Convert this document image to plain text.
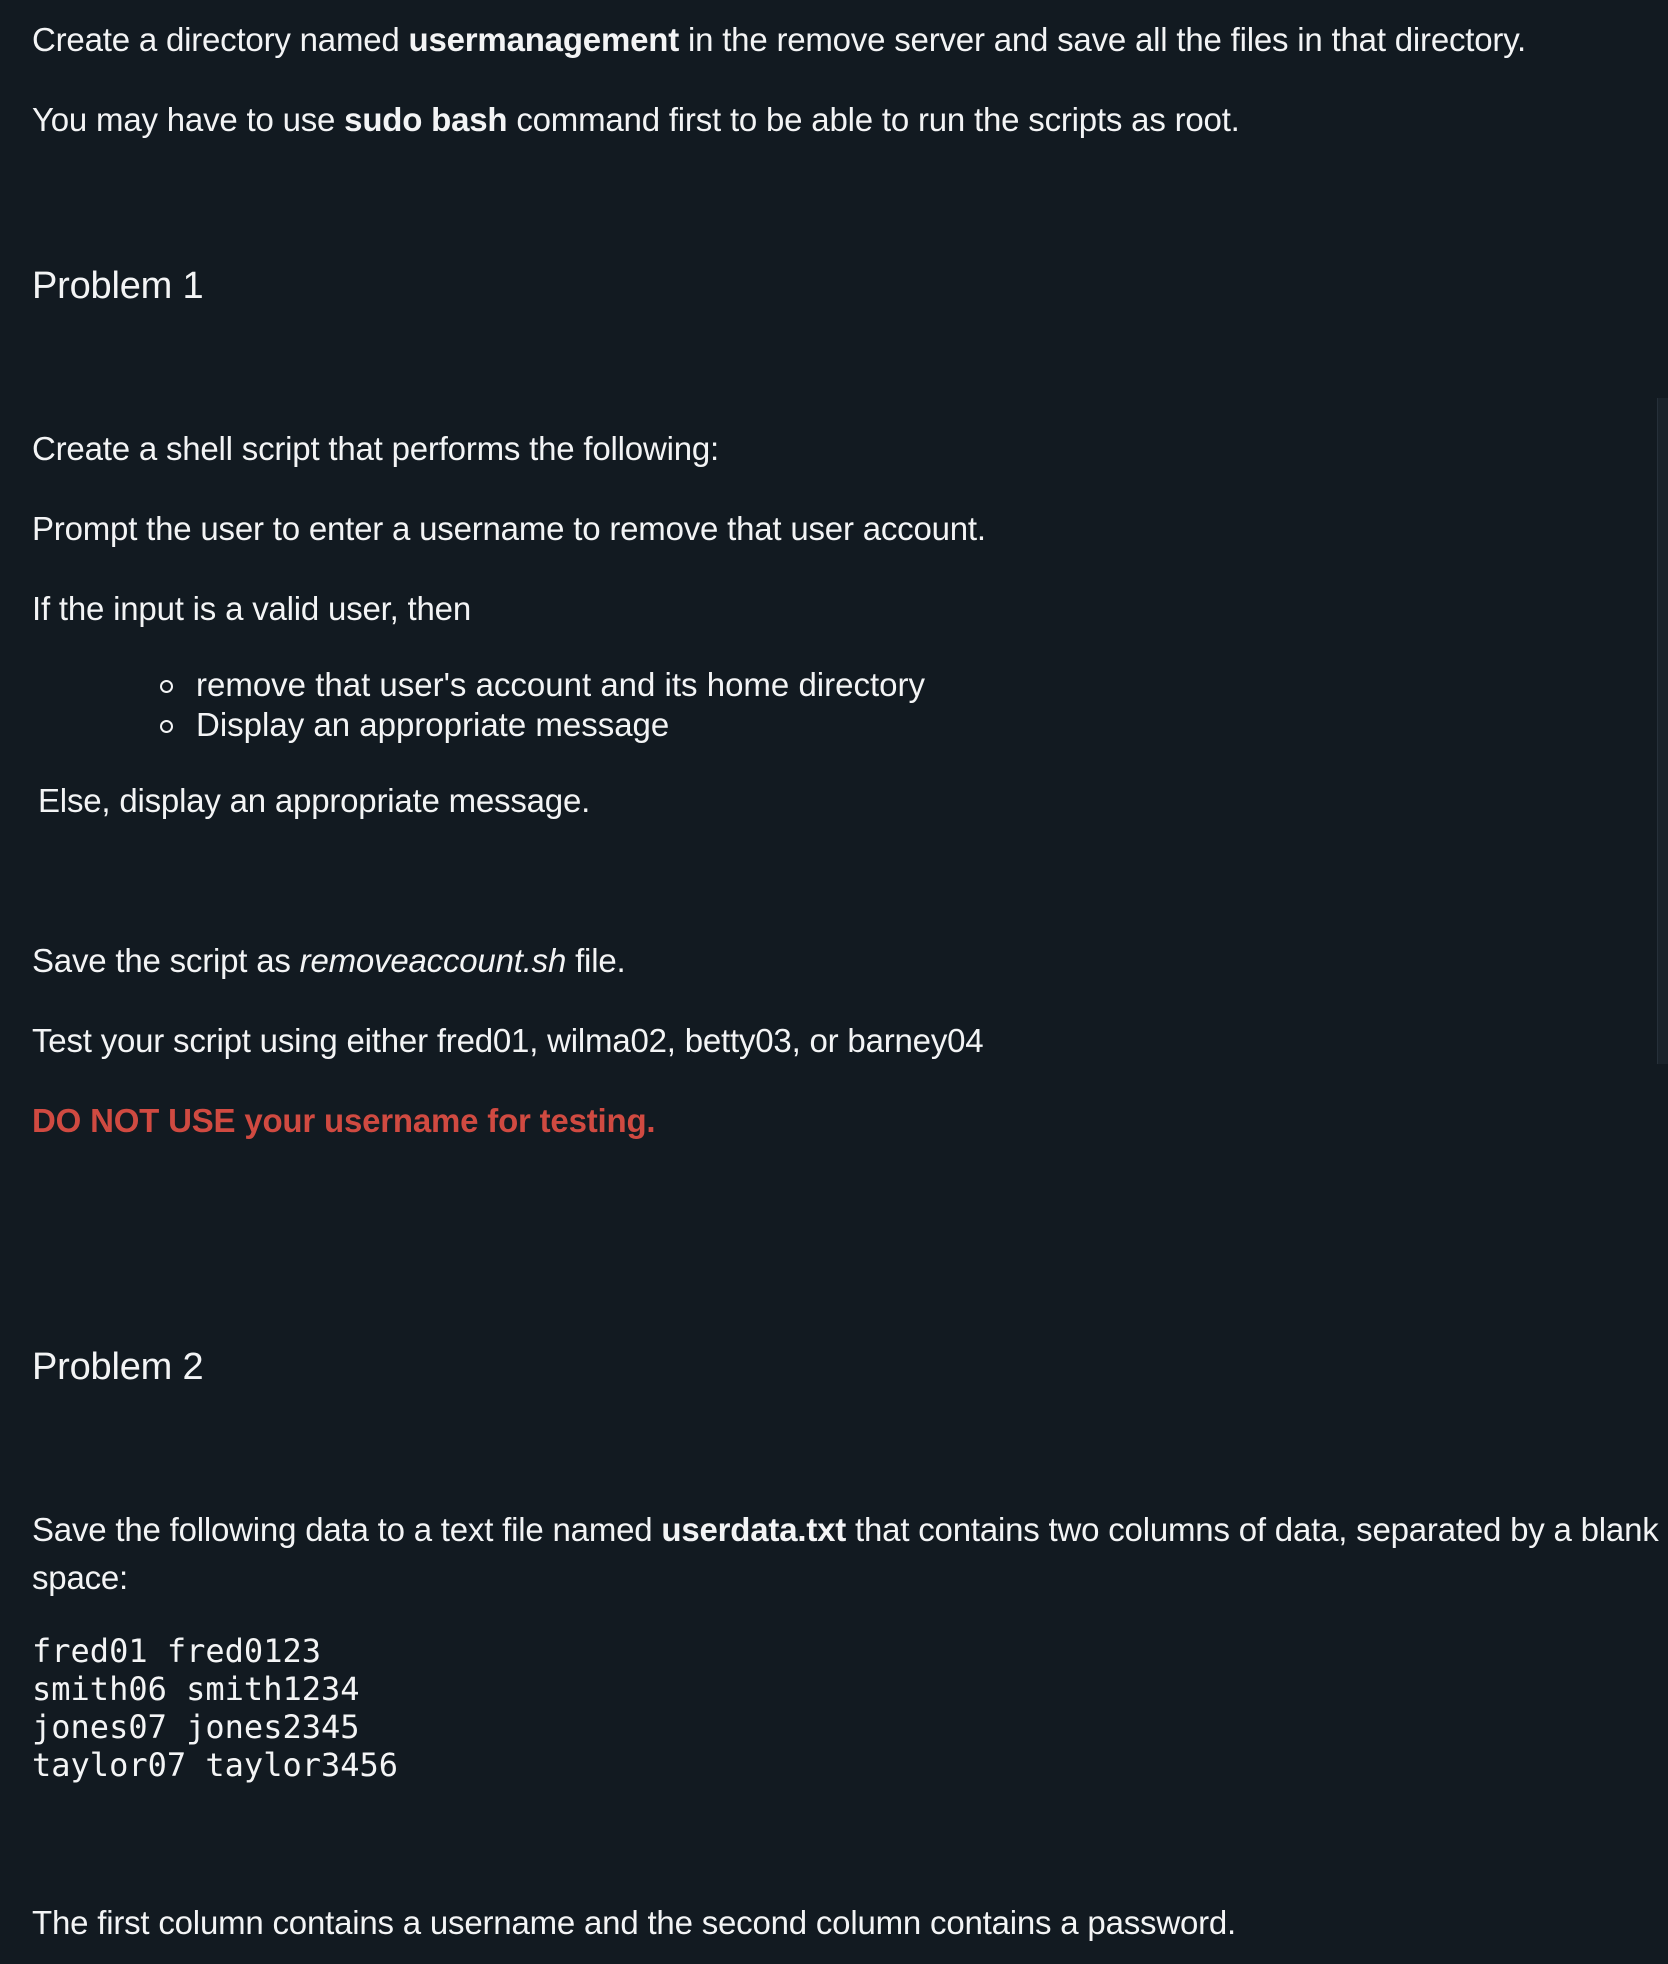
Create a directory named usermanagement in the remove server and save all the files in that directory.
You may have to use sudo bash command first to be able to run the scripts as root.
Problem 1
Create a shell script that performs the following:
Prompt the user to enter a username to remove that user account.
If the input is a valid user, then
remove that user's account and its home directory
Display an appropriate message
Else, display an appropriate message.
Save the script as removeaccount.sh file.
Test your script using either fred01, wilma02, betty03, or barney04
DO NOT USE your username for testing.
Problem 2
Save the following data to a text file named userdata.txt that contains two columns of data, separated by a blank
space:
fred01 fred0123
smith06 smith1234
jones07 jones2345
taylor07 taylor3456
The first column contains a username and the second column contains a password.
